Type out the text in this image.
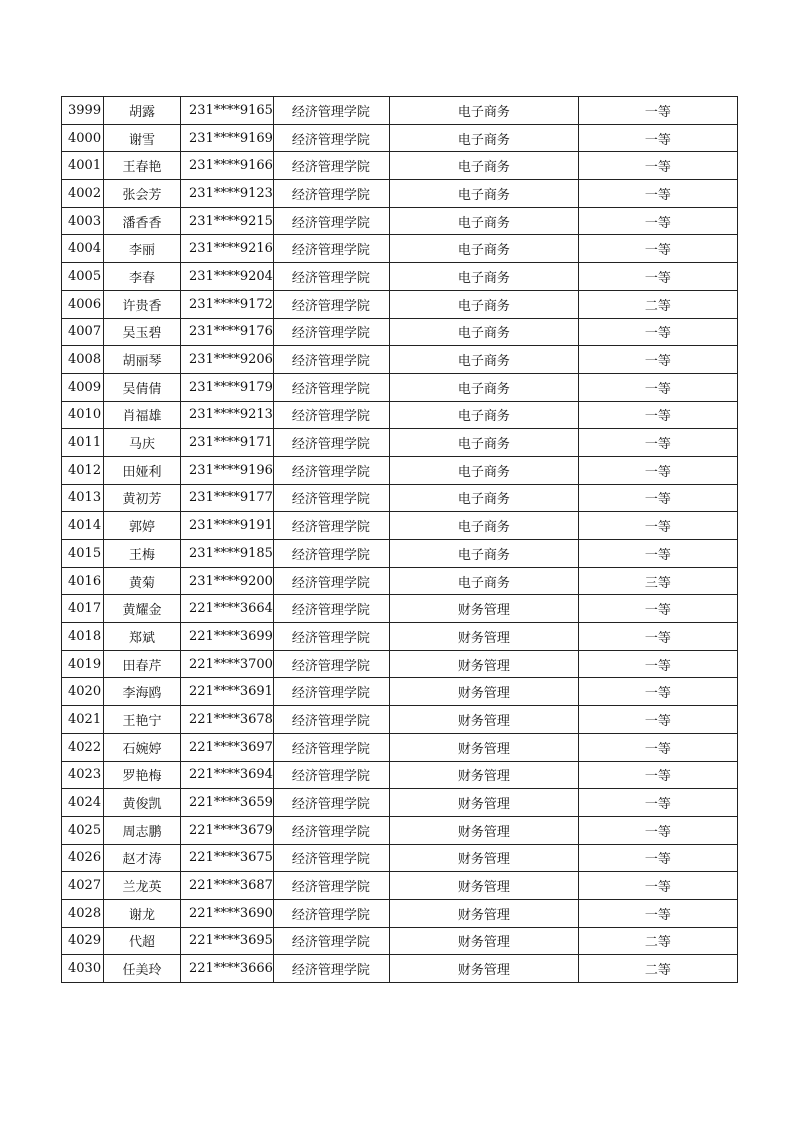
3999	胡露	231****9165	经济管理学院	电子商务	一等
4000	谢雪	231****9169	经济管理学院	电子商务	一等
4001	王春艳	231****9166	经济管理学院	电子商务	一等
4002	张会芳	231****9123	经济管理学院	电子商务	一等
4003	潘香香	231****9215	经济管理学院	电子商务	一等
4004	李丽	231****9216	经济管理学院	电子商务	一等
4005	李春	231****9204	经济管理学院	电子商务	一等
4006	许贵香	231****9172	经济管理学院	电子商务	二等
4007	吴玉碧	231****9176	经济管理学院	电子商务	一等
4008	胡丽琴	231****9206	经济管理学院	电子商务	一等
4009	吴倩倩	231****9179	经济管理学院	电子商务	一等
4010	肖福雄	231****9213	经济管理学院	电子商务	一等
4011	马庆	231****9171	经济管理学院	电子商务	一等
4012	田娅利	231****9196	经济管理学院	电子商务	一等
4013	黄初芳	231****9177	经济管理学院	电子商务	一等
4014	郭婷	231****9191	经济管理学院	电子商务	一等
4015	王梅	231****9185	经济管理学院	电子商务	一等
4016	黄菊	231****9200	经济管理学院	电子商务	三等
4017	黄耀金	221****3664	经济管理学院	财务管理	一等
4018	郑斌	221****3699	经济管理学院	财务管理	一等
4019	田春芹	221****3700	经济管理学院	财务管理	一等
4020	李海鸥	221****3691	经济管理学院	财务管理	一等
4021	王艳宁	221****3678	经济管理学院	财务管理	一等
4022	石婉婷	221****3697	经济管理学院	财务管理	一等
4023	罗艳梅	221****3694	经济管理学院	财务管理	一等
4024	黄俊凯	221****3659	经济管理学院	财务管理	一等
4025	周志鹏	221****3679	经济管理学院	财务管理	一等
4026	赵才涛	221****3675	经济管理学院	财务管理	一等
4027	兰龙英	221****3687	经济管理学院	财务管理	一等
4028	谢龙	221****3690	经济管理学院	财务管理	一等
4029	代超	221****3695	经济管理学院	财务管理	二等
4030	任美玲	221****3666	经济管理学院	财务管理	二等
